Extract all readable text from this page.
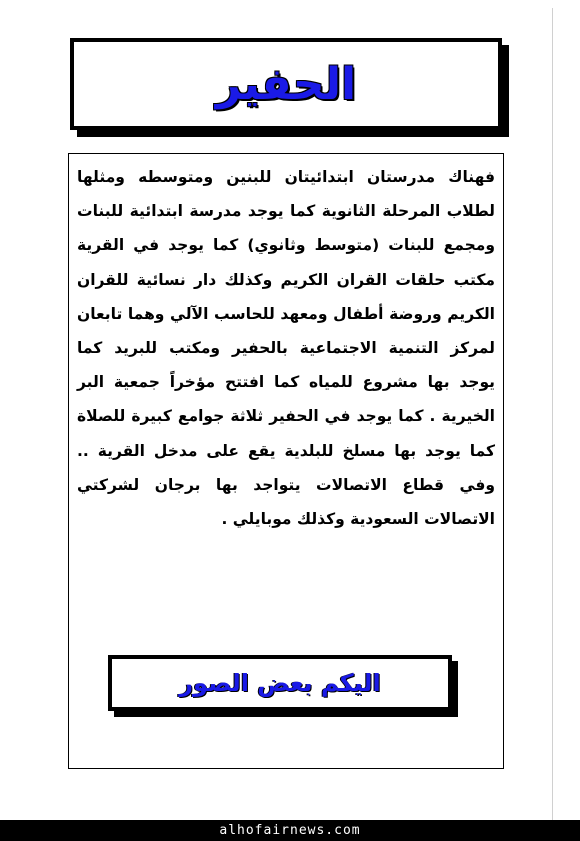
الحفير
فهناك مدرستان ابتدائيتان للبنين ومتوسطه ومثلها لطلاب المرحلة الثانوية كما يوجد مدرسة ابتدائية للبنات ومجمع للبنات (متوسط وثانوي) كما يوجد في القرية مكتب حلقات القران الكريم وكذلك دار نسائية للقران الكريم وروضة أطفال ومعهد للحاسب الآلي وهما تابعان لمركز التنمية الاجتماعية بالحفير ومكتب للبريد كما يوجد بها مشروع للمياه كما افتتح مؤخراً جمعية البر الخيرية . كما يوجد في الحفير ثلاثة جوامع كبيرة للصلاة كما يوجد بها مسلخ للبلدية يقع على مدخل القرية .. وفي قطاع الاتصالات يتواجد بها برجان لشركتي الاتصالات السعودية وكذلك موبايلي .
اليكم بعض الصور
alhofairnews.com
